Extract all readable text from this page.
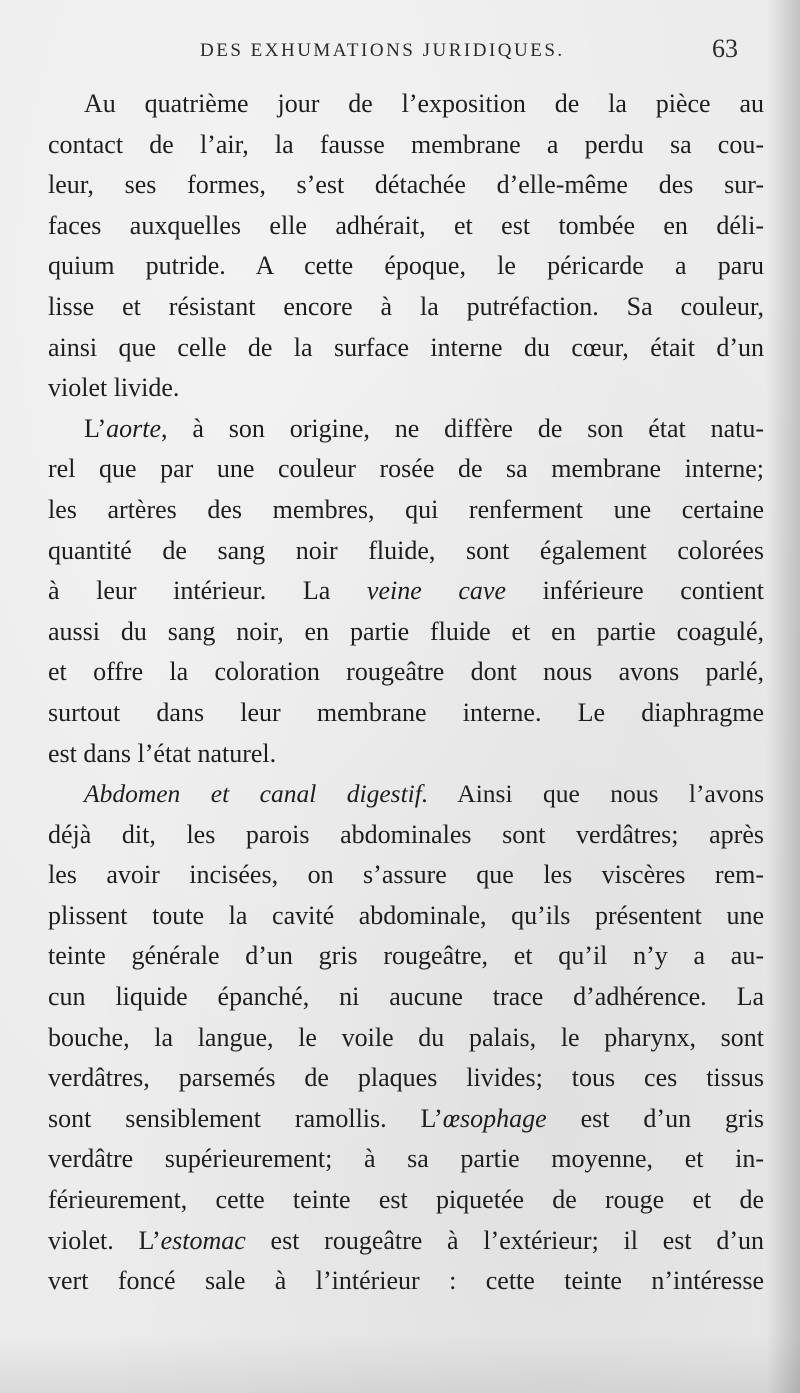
DES EXHUMATIONS JURIDIQUES.	63
Au quatrième jour de l’exposition de la pièce au
contact de l’air, la fausse membrane a perdu sa cou-
leur, ses formes, s’est détachée d’elle-même des sur-
faces auxquelles elle adhérait, et est tombée en déli-
quium putride. A cette époque, le péricarde a paru
lisse et résistant encore à la putréfaction. Sa couleur,
ainsi que celle de la surface interne du cœur, était d’un
violet livide.
L’aorte, à son origine, ne diffère de son état natu-
rel que par une couleur rosée de sa membrane interne;
les artères des membres, qui renferment une certaine
quantité de sang noir fluide, sont également colorées
à leur intérieur. La veine cave inférieure contient
aussi du sang noir, en partie fluide et en partie coagulé,
et offre la coloration rougeâtre dont nous avons parlé,
surtout dans leur membrane interne. Le diaphragme
est dans l’état naturel.
Abdomen et canal digestif. Ainsi que nous l’avons
déjà dit, les parois abdominales sont verdâtres; après
les avoir incisées, on s’assure que les viscères rem-
plissent toute la cavité abdominale, qu’ils présentent une
teinte générale d’un gris rougeâtre, et qu’il n’y a au-
cun liquide épanché, ni aucune trace d’adhérence. La
bouche, la langue, le voile du palais, le pharynx, sont
verdâtres, parsemés de plaques livides; tous ces tissus
sont sensiblement ramollis. L’œsophage est d’un gris
verdâtre supérieurement; à sa partie moyenne, et in-
férieurement, cette teinte est piquetée de rouge et de
violet. L’estomac est rougeâtre à l’extérieur; il est d’un
vert foncé sale à l’intérieur : cette teinte n’intéresse
